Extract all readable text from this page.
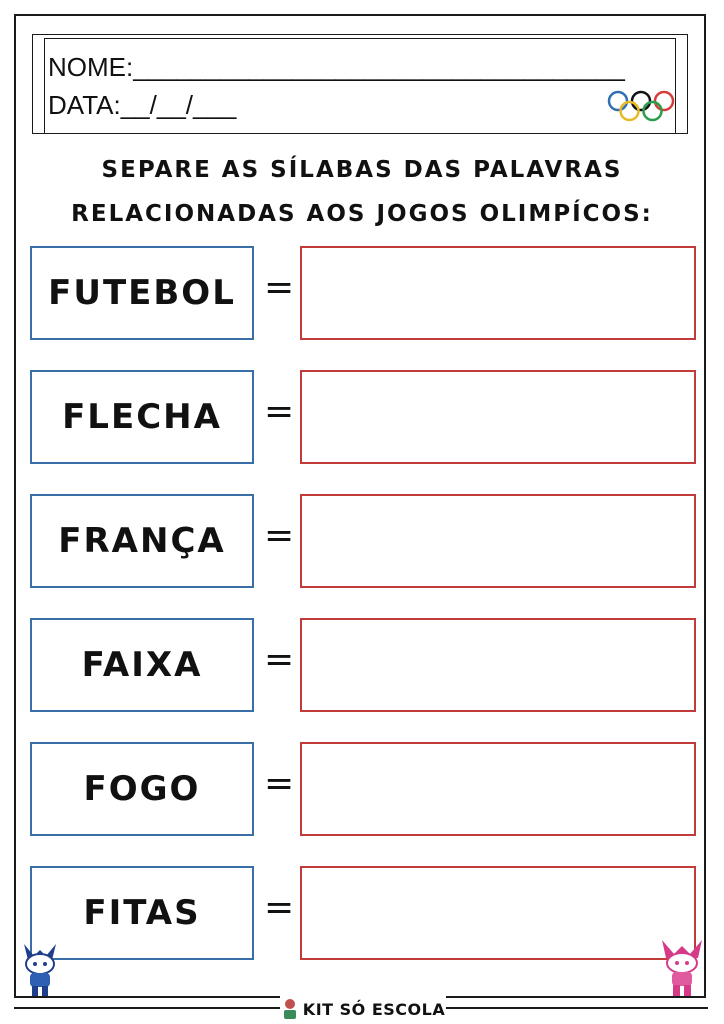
NOME:__________________________________
DATA:__/__/___
SEPARE AS SÍLABAS DAS PALAVRAS
RELACIONADAS AOS JOGOS OLIMPÍCOS:
FUTEBOL =
FLECHA	=
FRANÇA	=
FAIXA	=
FOGO	=
FITAS	=
KIT SÓ ESCOLA
